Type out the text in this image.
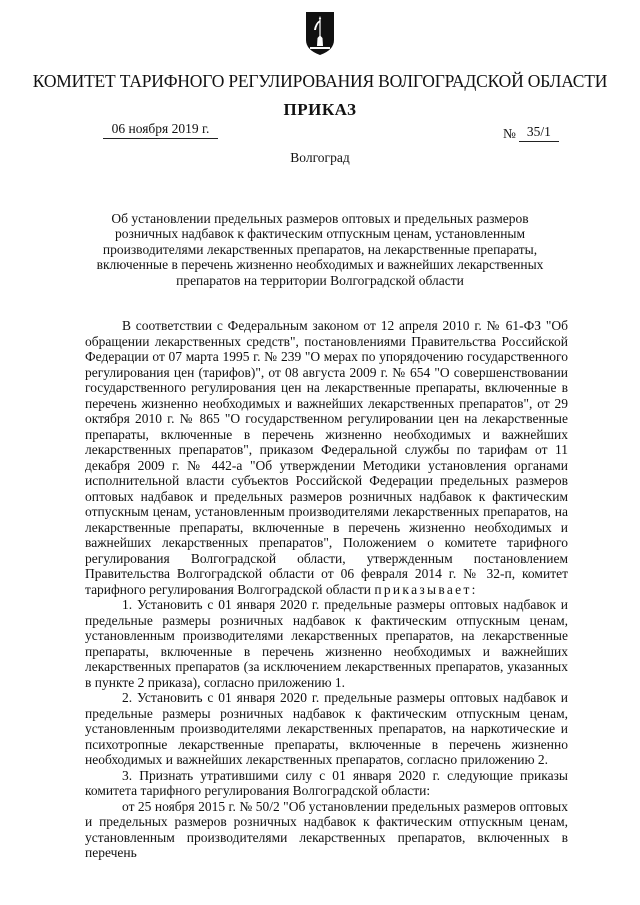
КОМИТЕТ ТАРИФНОГО РЕГУЛИРОВАНИЯ ВОЛГОГРАДСКОЙ ОБЛАСТИ
ПРИКАЗ
06 ноября 2019 г.	№ 35/1
Волгоград
Об установлении предельных размеров оптовых и предельных размеров розничных надбавок к фактическим отпускным ценам, установленным производителями лекарственных препаратов, на лекарственные препараты, включенные в перечень жизненно необходимых и важнейших лекарственных препаратов на территории Волгоградской области

В соответствии с Федеральным законом от 12 апреля 2010 г. № 61-ФЗ "Об обращении лекарственных средств", постановлениями Правительства Российской Федерации от 07 марта 1995 г. № 239 "О мерах по упорядочению государственного регулирования цен (тарифов)", от 08 августа 2009 г. № 654 "О совершенствовании государственного регулирования цен на лекарственные препараты, включенные в перечень жизненно необходимых и важнейших лекарственных препаратов", от 29 октября 2010 г. № 865 "О государственном регулировании цен на лекарственные препараты, включенные в перечень жизненно необходимых и важнейших лекарственных препаратов", приказом Федеральной службы по тарифам от 11 декабря 2009 г. № 442-а "Об утверждении Методики установления органами исполнительной власти субъектов Российской Федерации предельных размеров оптовых надбавок и предельных размеров розничных надбавок к фактическим отпускным ценам, установленным производителями лекарственных препаратов, на лекарственные препараты, включенные в перечень жизненно необходимых и важнейших лекарственных препаратов", Положением о комитете тарифного регулирования Волгоградской области, утвержденным постановлением Правительства Волгоградской области от 06 февраля 2014 г. № 32-п, комитет тарифного регулирования Волгоградской области приказывает:

1. Установить с 01 января 2020 г. предельные размеры оптовых надбавок и предельные размеры розничных надбавок к фактическим отпускным ценам, установленным производителями лекарственных препаратов, на лекарственные препараты, включенные в перечень жизненно необходимых и важнейших лекарственных препаратов (за исключением лекарственных препаратов, указанных в пункте 2 приказа), согласно приложению 1.

2. Установить с 01 января 2020 г. предельные размеры оптовых надбавок и предельные размеры розничных надбавок к фактическим отпускным ценам, установленным производителями лекарственных препаратов, на наркотические и психотропные лекарственные препараты, включенные в перечень жизненно необходимых и важнейших лекарственных препаратов, согласно приложению 2.

3. Признать утратившими силу с 01 января 2020 г. следующие приказы комитета тарифного регулирования Волгоградской области:

от 25 ноября 2015 г. № 50/2 "Об установлении предельных размеров оптовых и предельных размеров розничных надбавок к фактическим отпускным ценам, установленным производителями лекарственных препаратов, включенных в перечень
